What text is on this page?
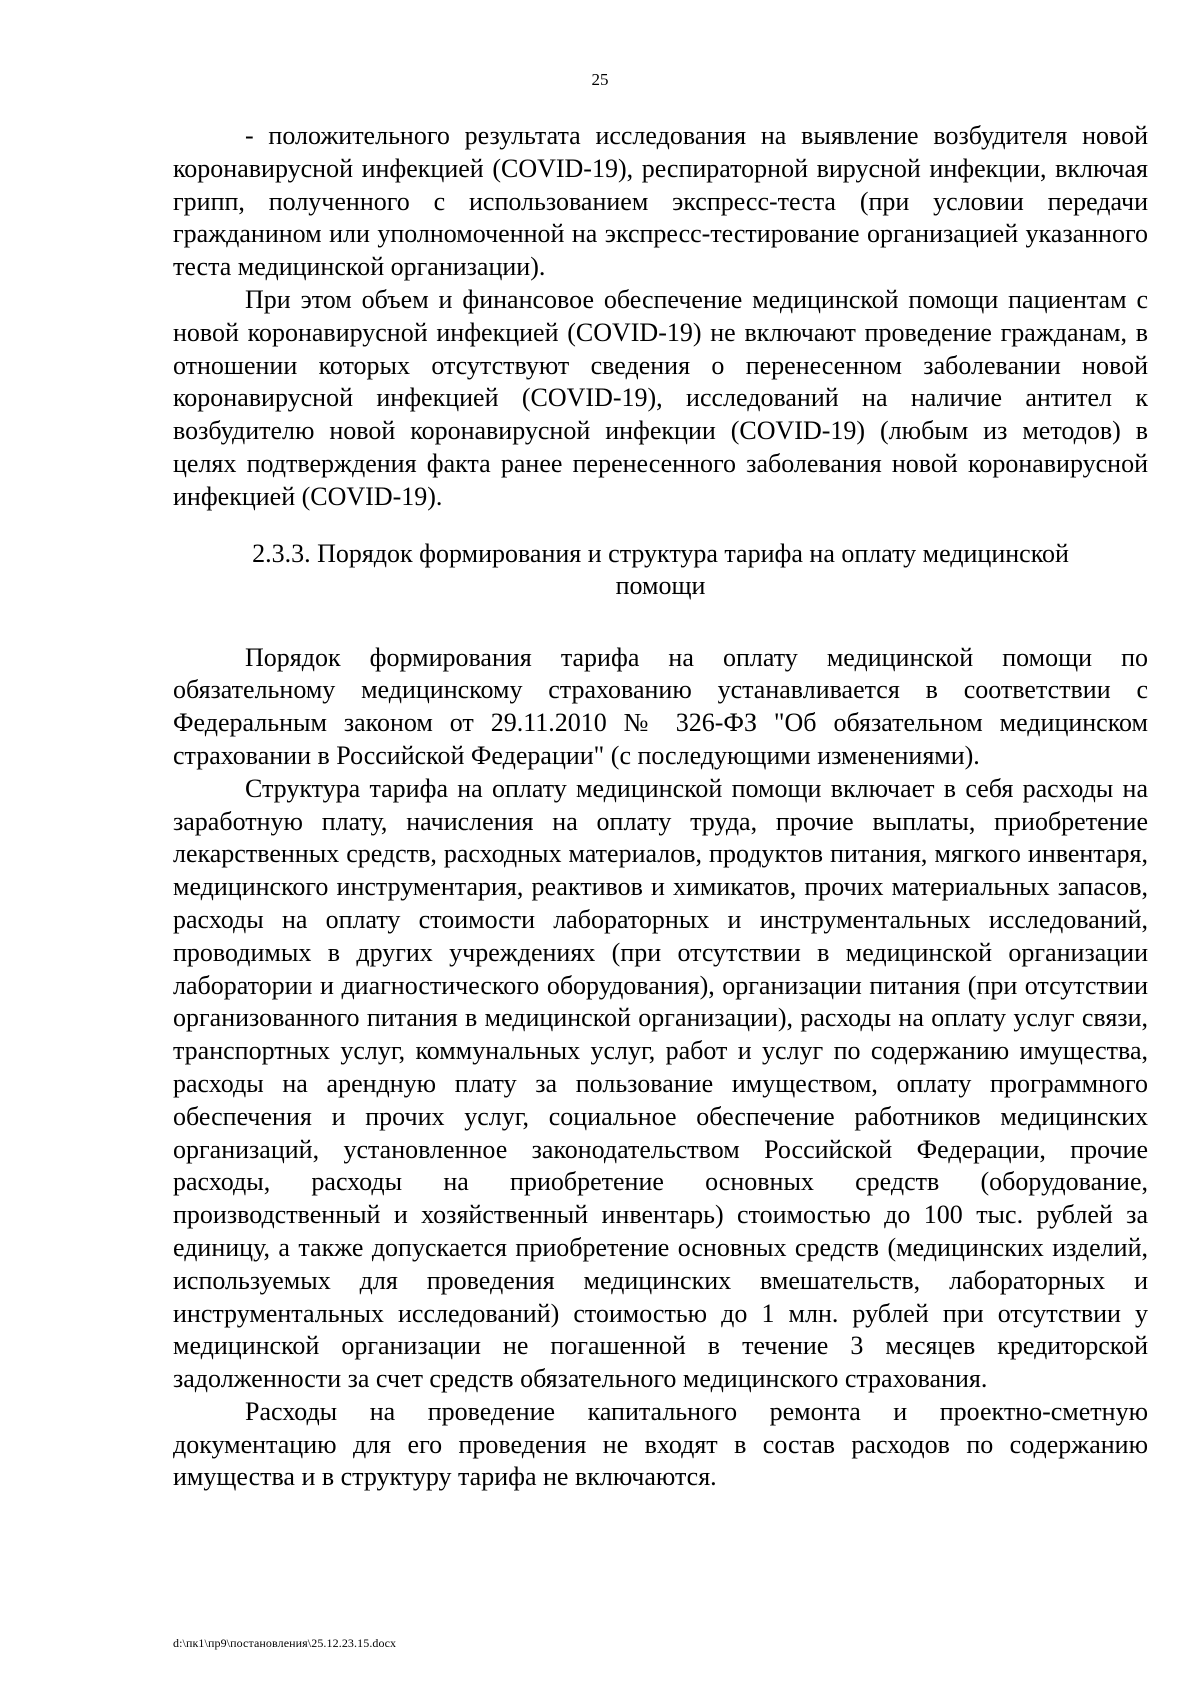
25

- положительного результата исследования на выявление возбудителя новой коронавирусной инфекцией (COVID-19), респираторной вирусной инфекции, включая грипп, полученного с использованием экспресс-теста (при условии передачи гражданином или уполномоченной на экспресс-тестирование организацией указанного теста медицинской организации).

При этом объем и финансовое обеспечение медицинской помощи пациентам с новой коронавирусной инфекцией (COVID-19) не включают проведение гражданам, в отношении которых отсутствуют сведения о перенесенном заболевании новой коронавирусной инфекцией (COVID-19), исследований на наличие антител к возбудителю новой коронавирусной инфекции (COVID-19) (любым из методов) в целях подтверждения факта ранее перенесенного заболевания новой коронавирусной инфекцией (COVID-19).

2.3.3. Порядок формирования и структура тарифа на оплату медицинской помощи

Порядок формирования тарифа на оплату медицинской помощи по обязательному медицинскому страхованию устанавливается в соответствии с Федеральным законом от 29.11.2010 № 326-ФЗ "Об обязательном медицинском страховании в Российской Федерации" (с последующими изменениями).

Структура тарифа на оплату медицинской помощи включает в себя расходы на заработную плату, начисления на оплату труда, прочие выплаты, приобретение лекарственных средств, расходных материалов, продуктов питания, мягкого инвентаря, медицинского инструментария, реактивов и химикатов, прочих материальных запасов, расходы на оплату стоимости лабораторных и инструментальных исследований, проводимых в других учреждениях (при отсутствии в медицинской организации лаборатории и диагностического оборудования), организации питания (при отсутствии организованного питания в медицинской организации), расходы на оплату услуг связи, транспортных услуг, коммунальных услуг, работ и услуг по содержанию имущества, расходы на арендную плату за пользование имуществом, оплату программного обеспечения и прочих услуг, социальное обеспечение работников медицинских организаций, установленное законодательством Российской Федерации, прочие расходы, расходы на приобретение основных средств (оборудование, производственный и хозяйственный инвентарь) стоимостью до 100 тыс. рублей за единицу, а также допускается приобретение основных средств (медицинских изделий, используемых для проведения медицинских вмешательств, лабораторных и инструментальных исследований) стоимостью до 1 млн. рублей при отсутствии у медицинской организации не погашенной в течение 3 месяцев кредиторской задолженности за счет средств обязательного медицинского страхования.

Расходы на проведение капитального ремонта и проектно-сметную документацию для его проведения не входят в состав расходов по содержанию имущества и в структуру тарифа не включаются.

d:\пк1\пр9\постановления\25.12.23.15.docx
